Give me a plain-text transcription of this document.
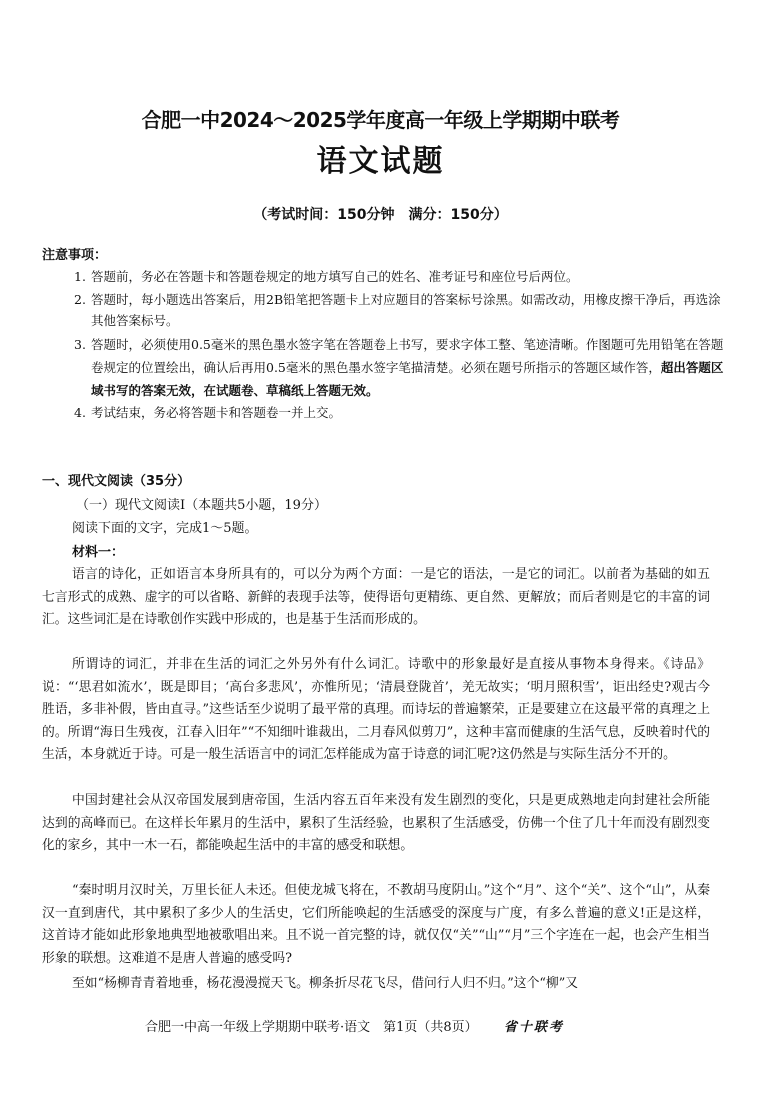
合肥一中2024～2025学年度高一年级上学期期中联考
语文试题
（考试时间：150分钟　满分：150分）
注意事项：
1. 答题前，务必在答题卡和答题卷规定的地方填写自己的姓名、准考证号和座位号后两位。
2. 答题时，每小题选出答案后，用2B铅笔把答题卡上对应题目的答案标号涂黑。如需改动，用橡皮擦干净后，再选涂其他答案标号。
3. 答题时，必须使用0.5毫米的黑色墨水签字笔在答题卷上书写，要求字体工整、笔迹清晰。作图题可先用铅笔在答题卷规定的位置绘出，确认后再用0.5毫米的黑色墨水签字笔描清楚。必须在题号所指示的答题区域作答，超出答题区域书写的答案无效，在试题卷、草稿纸上答题无效。
4. 考试结束，务必将答题卡和答题卷一并上交。
一、现代文阅读（35分）
（一）现代文阅读Ⅰ（本题共5小题，19分）
阅读下面的文字，完成1～5题。
材料一：
语言的诗化，正如语言本身所具有的，可以分为两个方面：一是它的语法，一是它的词汇。以前者为基础的如五七言形式的成熟、虚字的可以省略、新鲜的表现手法等，使得语句更精练、更自然、更解放；而后者则是它的丰富的词汇。这些词汇是在诗歌创作实践中形成的，也是基于生活而形成的。
所谓诗的词汇，并非在生活的词汇之外另外有什么词汇。诗歌中的形象最好是直接从事物本身得来。《诗品》说：“‘思君如流水’，既是即目；‘高台多悲风’，亦惟所见；‘清晨登陇首’，羌无故实；‘明月照积雪’，讵出经史?观古今胜语，多非补假，皆由直寻。”这些话至少说明了最平常的真理。而诗坛的普遍繁荣，正是要建立在这最平常的真理之上的。所谓“海日生残夜，江春入旧年”“不知细叶谁裁出，二月春风似剪刀”，这种丰富而健康的生活气息，反映着时代的生活，本身就近于诗。可是一般生活语言中的词汇怎样能成为富于诗意的词汇呢?这仍然是与实际生活分不开的。
中国封建社会从汉帝国发展到唐帝国，生活内容五百年来没有发生剧烈的变化，只是更成熟地走向封建社会所能达到的高峰而已。在这样长年累月的生活中，累积了生活经验，也累积了生活感受，仿佛一个住了几十年而没有剧烈变化的家乡，其中一木一石，都能唤起生活中的丰富的感受和联想。
“秦时明月汉时关，万里长征人未还。但使龙城飞将在，不教胡马度阴山。”这个“月”、这个“关”、这个“山”，从秦汉一直到唐代，其中累积了多少人的生活史，它们所能唤起的生活感受的深度与广度，有多么普遍的意义!正是这样，这首诗才能如此形象地典型地被歌唱出来。且不说一首完整的诗，就仅仅“关”“山”“月”三个字连在一起，也会产生相当形象的联想。这难道不是唐人普遍的感受吗?
至如“杨柳青青着地垂，杨花漫漫搅天飞。柳条折尽花飞尽，借问行人归不归。”这个“柳”又
合肥一中高一年级上学期期中联考·语文　第1页（共8页） 省十联考
